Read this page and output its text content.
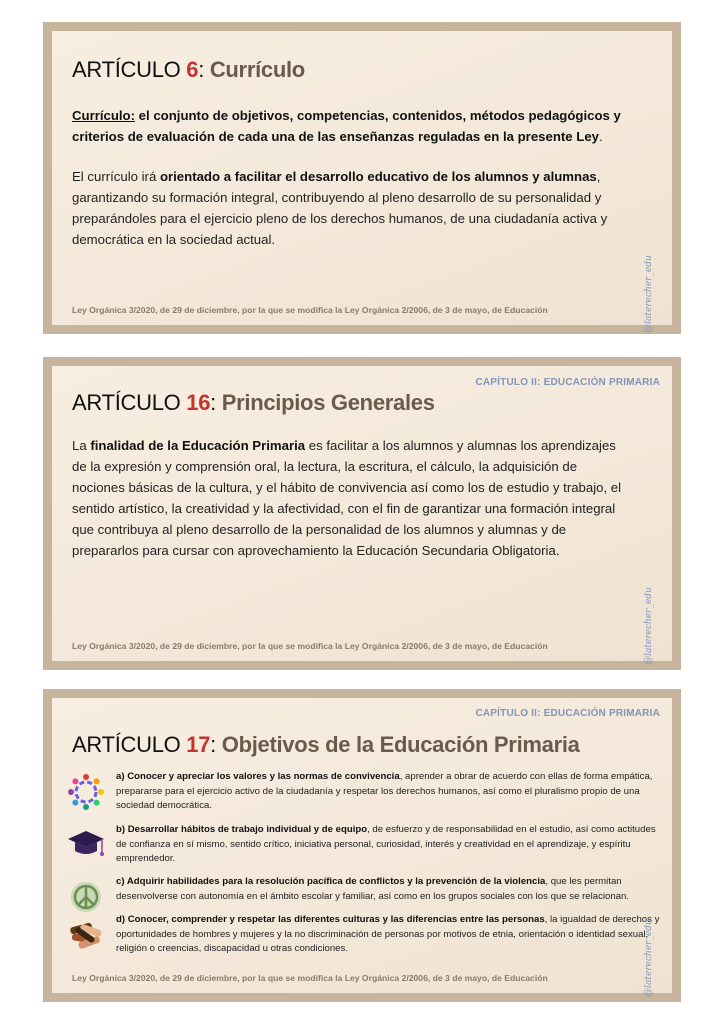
ARTÍCULO 6: Currículo
Currículo: el conjunto de objetivos, competencias, contenidos, métodos pedagógicos y criterios de evaluación de cada una de las enseñanzas reguladas en la presente Ley.
El currículo irá orientado a facilitar el desarrollo educativo de los alumnos y alumnas, garantizando su formación integral, contribuyendo al pleno desarrollo de su personalidad y preparándoles para el ejercicio pleno de los derechos humanos, de una ciudadanía activa y democrática en la sociedad actual.
Ley Orgánica 3/2020, de 29 de diciembre, por la que se modifica la Ley Orgánica 2/2006, de 3 de mayo, de Educación	@laterecher_edu
CAPÍTULO II: EDUCACIÓN PRIMARIA
ARTÍCULO 16: Principios Generales
La finalidad de la Educación Primaria es facilitar a los alumnos y alumnas los aprendizajes de la expresión y comprensión oral, la lectura, la escritura, el cálculo, la adquisición de nociones básicas de la cultura, y el hábito de convivencia así como los de estudio y trabajo, el sentido artístico, la creatividad y la afectividad, con el fin de garantizar una formación integral que contribuya al pleno desarrollo de la personalidad de los alumnos y alumnas y de prepararlos para cursar con aprovechamiento la Educación Secundaria Obligatoria.
Ley Orgánica 3/2020, de 29 de diciembre, por la que se modifica la Ley Orgánica 2/2006, de 3 de mayo, de Educación	@laterecher_edu
CAPÍTULO II: EDUCACIÓN PRIMARIA
ARTÍCULO 17: Objetivos de la Educación Primaria
a) Conocer y apreciar los valores y las normas de convivencia, aprender a obrar de acuerdo con ellas de forma empática, prepararse para el ejercicio activo de la ciudadanía y respetar los derechos humanos, así como el pluralismo propio de una sociedad democrática.
b) Desarrollar hábitos de trabajo individual y de equipo, de esfuerzo y de responsabilidad en el estudio, así como actitudes de confianza en sí mismo, sentido crítico, iniciativa personal, curiosidad, interés y creatividad en el aprendizaje, y espíritu emprendedor.
c) Adquirir habilidades para la resolución pacífica de conflictos y la prevención de la violencia, que les permitan desenvolverse con autonomía en el ámbito escolar y familiar, así como en los grupos sociales con los que se relacionan.
d) Conocer, comprender y respetar las diferentes culturas y las diferencias entre las personas, la igualdad de derechos y oportunidades de hombres y mujeres y la no discriminación de personas por motivos de etnia, orientación o identidad sexual, religión o creencias, discapacidad u otras condiciones.
Ley Orgánica 3/2020, de 29 de diciembre, por la que se modifica la Ley Orgánica 2/2006, de 3 de mayo, de Educación	@laterecher_edu
